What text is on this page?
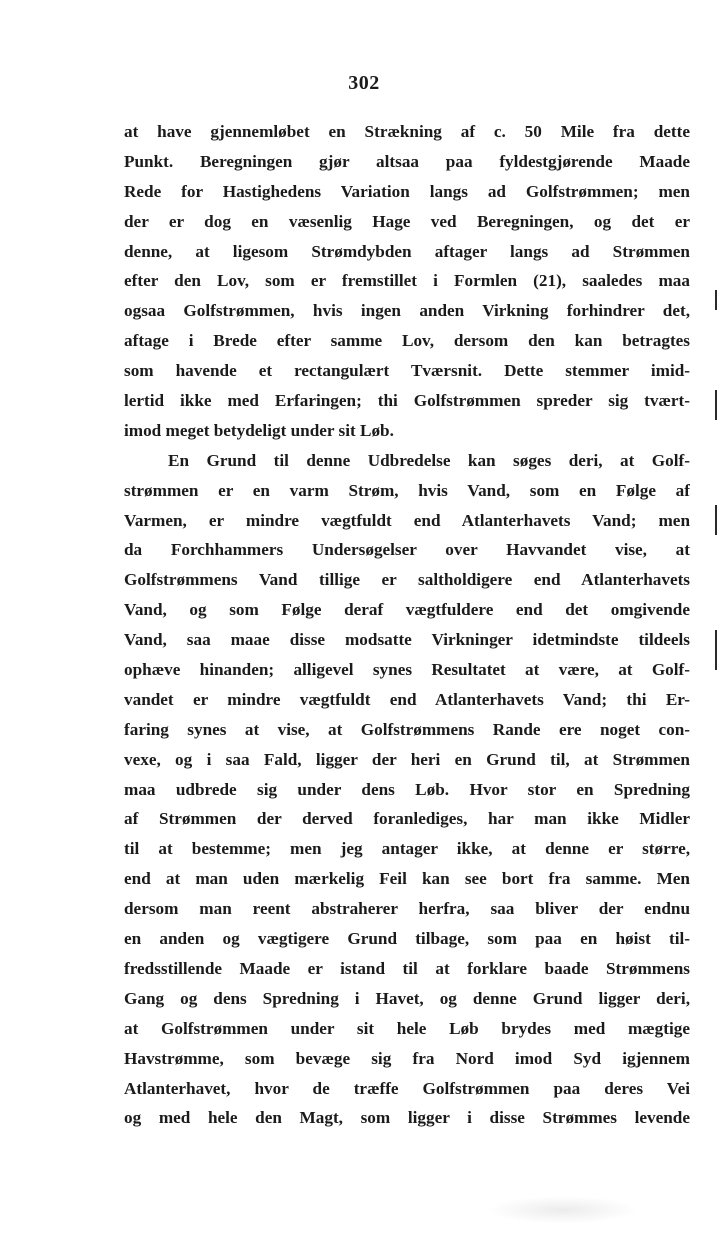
302
at have gjennemløbet en Strækning af c. 50 Mile fra dette
Punkt. Beregningen gjør altsaa paa fyldestgjørende Maade
Rede for Hastighedens Variation langs ad Golfstrømmen; men
der er dog en væsenlig Hage ved Beregningen, og det er
denne, at ligesom Strømdybden aftager langs ad Strømmen
efter den Lov, som er fremstillet i Formlen (21), saaledes maa
ogsaa Golfstrømmen, hvis ingen anden Virkning forhindrer det,
aftage i Brede efter samme Lov, dersom den kan betragtes
som havende et rectangulært Tværsnit. Dette stemmer imid-
lertid ikke med Erfaringen; thi Golfstrømmen spreder sig tvært-
imod meget betydeligt under sit Løb.
En Grund til denne Udbredelse kan søges deri, at Golf-
strømmen er en varm Strøm, hvis Vand, som en Følge af
Varmen, er mindre vægtfuldt end Atlanterhavets Vand; men
da Forchhammers Undersøgelser over Havvandet vise, at
Golfstrømmens Vand tillige er saltholdigere end Atlanterhavets
Vand, og som Følge deraf vægtfuldere end det omgivende
Vand, saa maae disse modsatte Virkninger idetmindste tildeels
ophæve hinanden; alligevel synes Resultatet at være, at Golf-
vandet er mindre vægtfuldt end Atlanterhavets Vand; thi Er-
faring synes at vise, at Golfstrømmens Rande ere noget con-
vexe, og i saa Fald, ligger der heri en Grund til, at Strømmen
maa udbrede sig under dens Løb. Hvor stor en Spredning
af Strømmen der derved foranlediges, har man ikke Midler
til at bestemme; men jeg antager ikke, at denne er større,
end at man uden mærkelig Feil kan see bort fra samme. Men
dersom man reent abstraherer herfra, saa bliver der endnu
en anden og vægtigere Grund tilbage, som paa en høist til-
fredsstillende Maade er istand til at forklare baade Strømmens
Gang og dens Spredning i Havet, og denne Grund ligger deri,
at Golfstrømmen under sit hele Løb brydes med mægtige
Havstrømme, som bevæge sig fra Nord imod Syd igjennem
Atlanterhavet, hvor de træffe Golfstrømmen paa deres Vei
og med hele den Magt, som ligger i disse Strømmes levende
